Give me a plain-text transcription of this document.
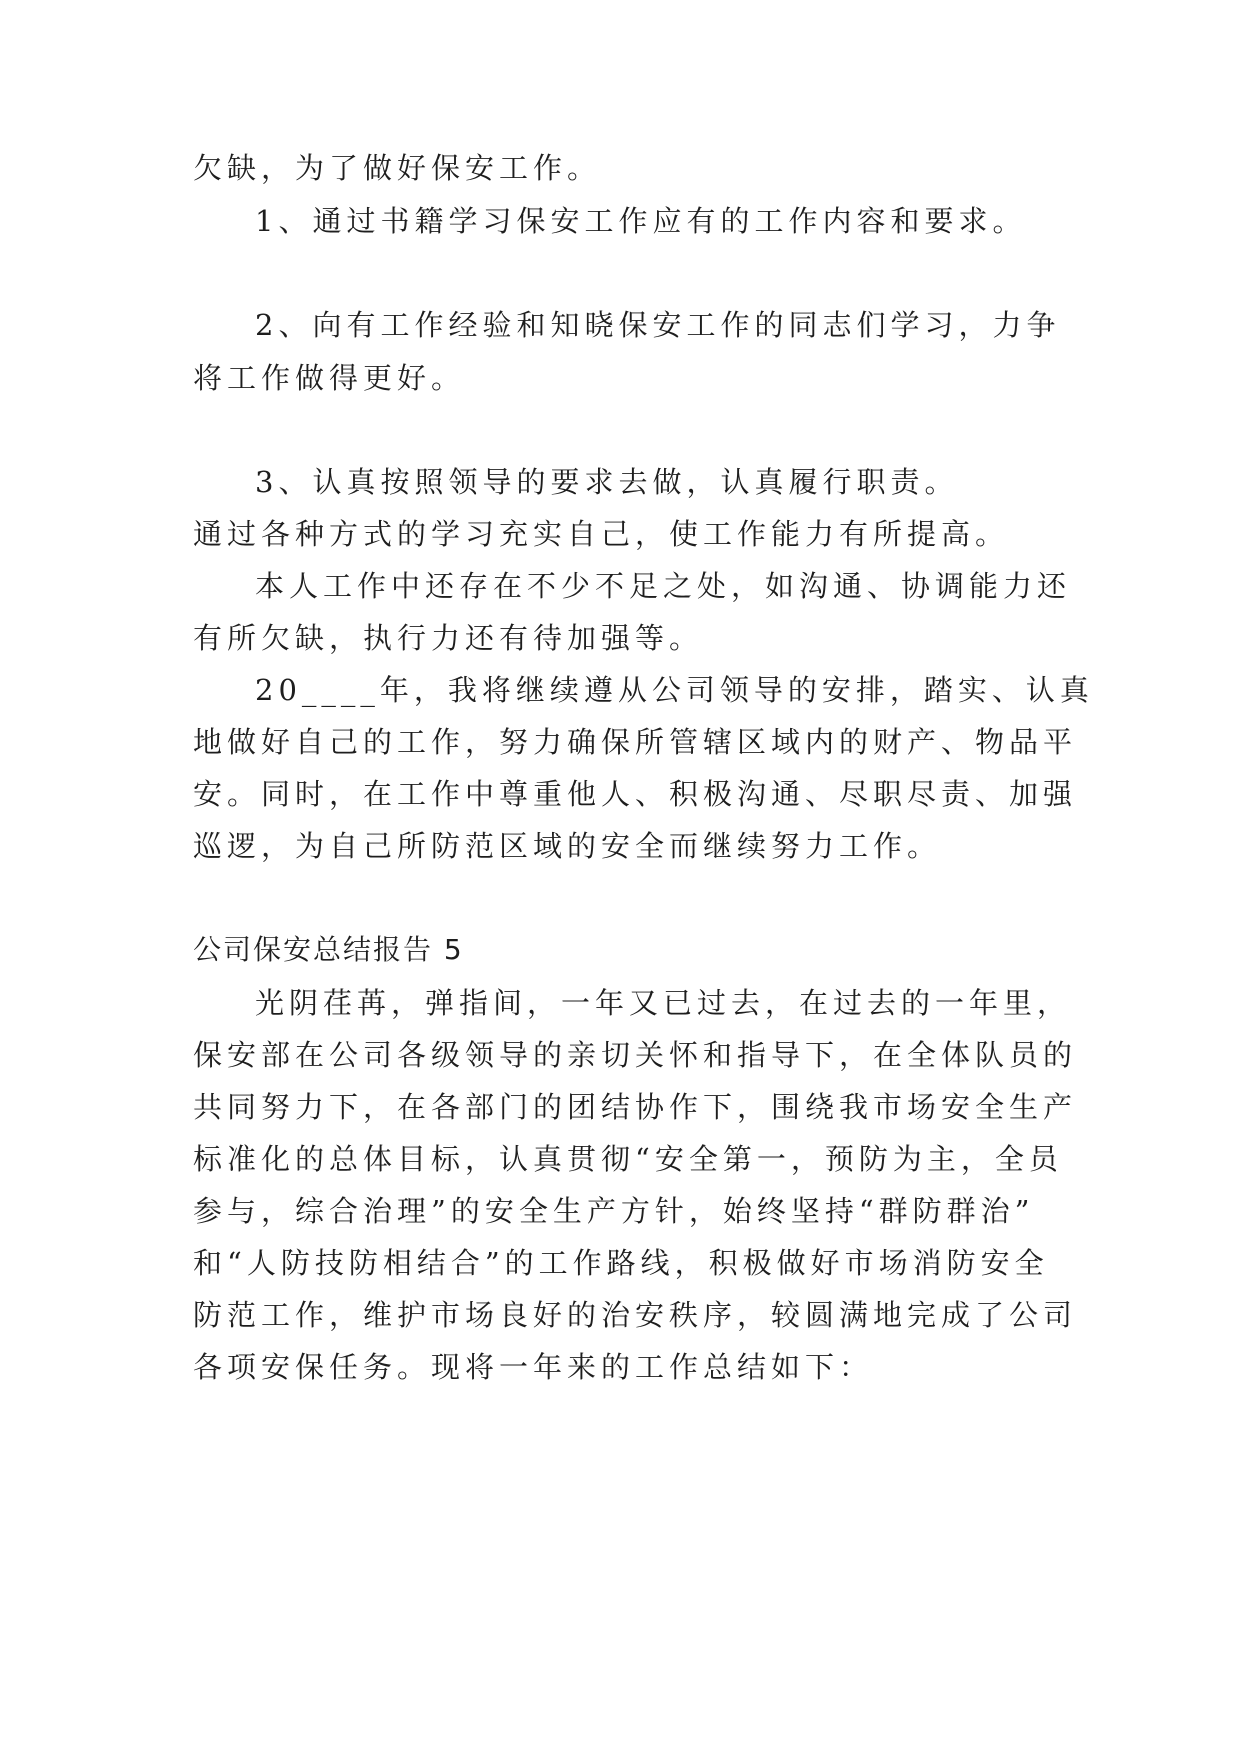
欠缺，为了做好保安工作。
1、通过书籍学习保安工作应有的工作内容和要求。
2、向有工作经验和知晓保安工作的同志们学习，力争
将工作做得更好。
3、认真按照领导的要求去做，认真履行职责。
通过各种方式的学习充实自己，使工作能力有所提高。
本人工作中还存在不少不足之处，如沟通、协调能力还
有所欠缺，执行力还有待加强等。
20____年，我将继续遵从公司领导的安排，踏实、认真
地做好自己的工作，努力确保所管辖区域内的财产、物品平
安。同时，在工作中尊重他人、积极沟通、尽职尽责、加强
巡逻，为自己所防范区域的安全而继续努力工作。
公司保安总结报告 5
光阴荏苒，弹指间，一年又已过去，在过去的一年里，
保安部在公司各级领导的亲切关怀和指导下，在全体队员的
共同努力下，在各部门的团结协作下，围绕我市场安全生产
标准化的总体目标，认真贯彻“安全第一，预防为主，全员
参与，综合治理”的安全生产方针，始终坚持“群防群治”
和“人防技防相结合”的工作路线，积极做好市场消防安全
防范工作，维护市场良好的治安秩序，较圆满地完成了公司
各项安保任务。现将一年来的工作总结如下：
